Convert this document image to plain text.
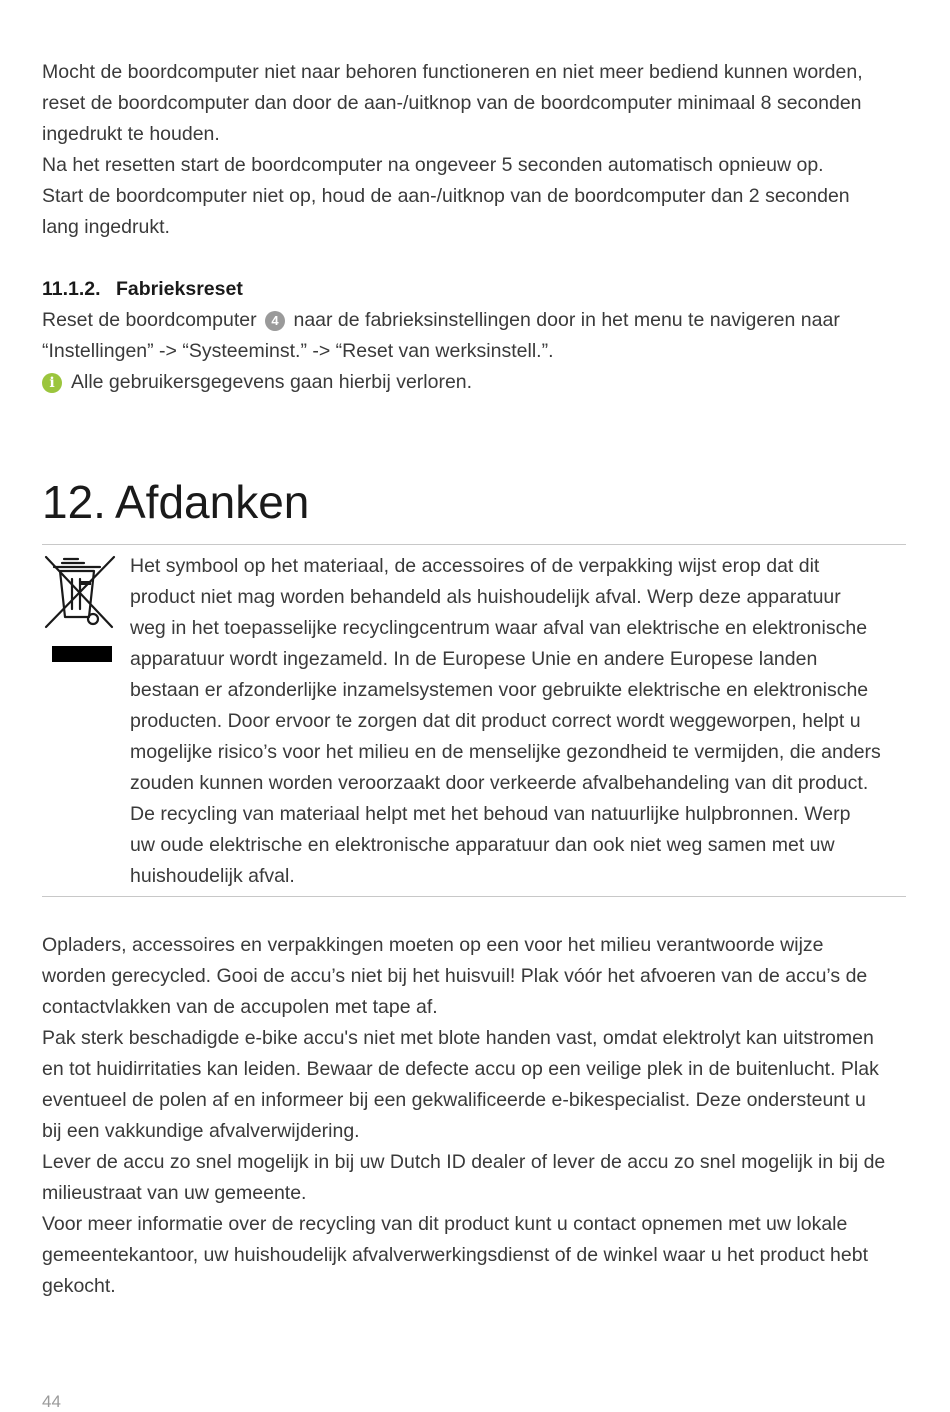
Mocht de boordcomputer niet naar behoren functioneren en niet meer bediend kunnen worden,
reset de boordcomputer dan door de aan-/uitknop van de boordcomputer minimaal 8 seconden
ingedrukt te houden.

Na het resetten start de boordcomputer na ongeveer 5 seconden automatisch opnieuw op.

Start de boordcomputer niet op, houd de aan-/uitknop van de boordcomputer dan 2 seconden
lang ingedrukt.

11.1.2. Fabrieksreset

Reset de boordcomputer 4 naar de fabrieksinstellingen door in het menu te navigeren naar
“Instellingen” -> “Systeeminst.” -> “Reset van werksinstell.”.

i Alle gebruikersgegevens gaan hierbij verloren.

12. Afdanken

Het symbool op het materiaal, de accessoires of de verpakking wijst erop dat dit
product niet mag worden behandeld als huishoudelijk afval. Werp deze apparatuur
weg in het toepasselijke recyclingcentrum waar afval van elektrische en elektronische
apparatuur wordt ingezameld. In de Europese Unie en andere Europese landen
bestaan er afzonderlijke inzamelsystemen voor gebruikte elektrische en elektronische
producten. Door ervoor te zorgen dat dit product correct wordt weggeworpen, helpt u
mogelijke risico’s voor het milieu en de menselijke gezondheid te vermijden, die anders
zouden kunnen worden veroorzaakt door verkeerde afvalbehandeling van dit product.
De recycling van materiaal helpt met het behoud van natuurlijke hulpbronnen. Werp
uw oude elektrische en elektronische apparatuur dan ook niet weg samen met uw
huishoudelijk afval.

Opladers, accessoires en verpakkingen moeten op een voor het milieu verantwoorde wijze
worden gerecycled. Gooi de accu’s niet bij het huisvuil! Plak vóór het afvoeren van de accu’s de
contactvlakken van de accupolen met tape af.
Pak sterk beschadigde e-bike accu's niet met blote handen vast, omdat elektrolyt kan uitstromen
en tot huidirritaties kan leiden. Bewaar de defecte accu op een veilige plek in de buitenlucht. Plak
eventueel de polen af en informeer bij een gekwalificeerde e-bikespecialist. Deze ondersteunt u
bij een vakkundige afvalverwijdering.
Lever de accu zo snel mogelijk in bij uw Dutch ID dealer of lever de accu zo snel mogelijk in bij de
milieustraat van uw gemeente.
Voor meer informatie over de recycling van dit product kunt u contact opnemen met uw lokale
gemeentekantoor, uw huishoudelijk afvalverwerkingsdienst of de winkel waar u het product hebt
gekocht.

44
